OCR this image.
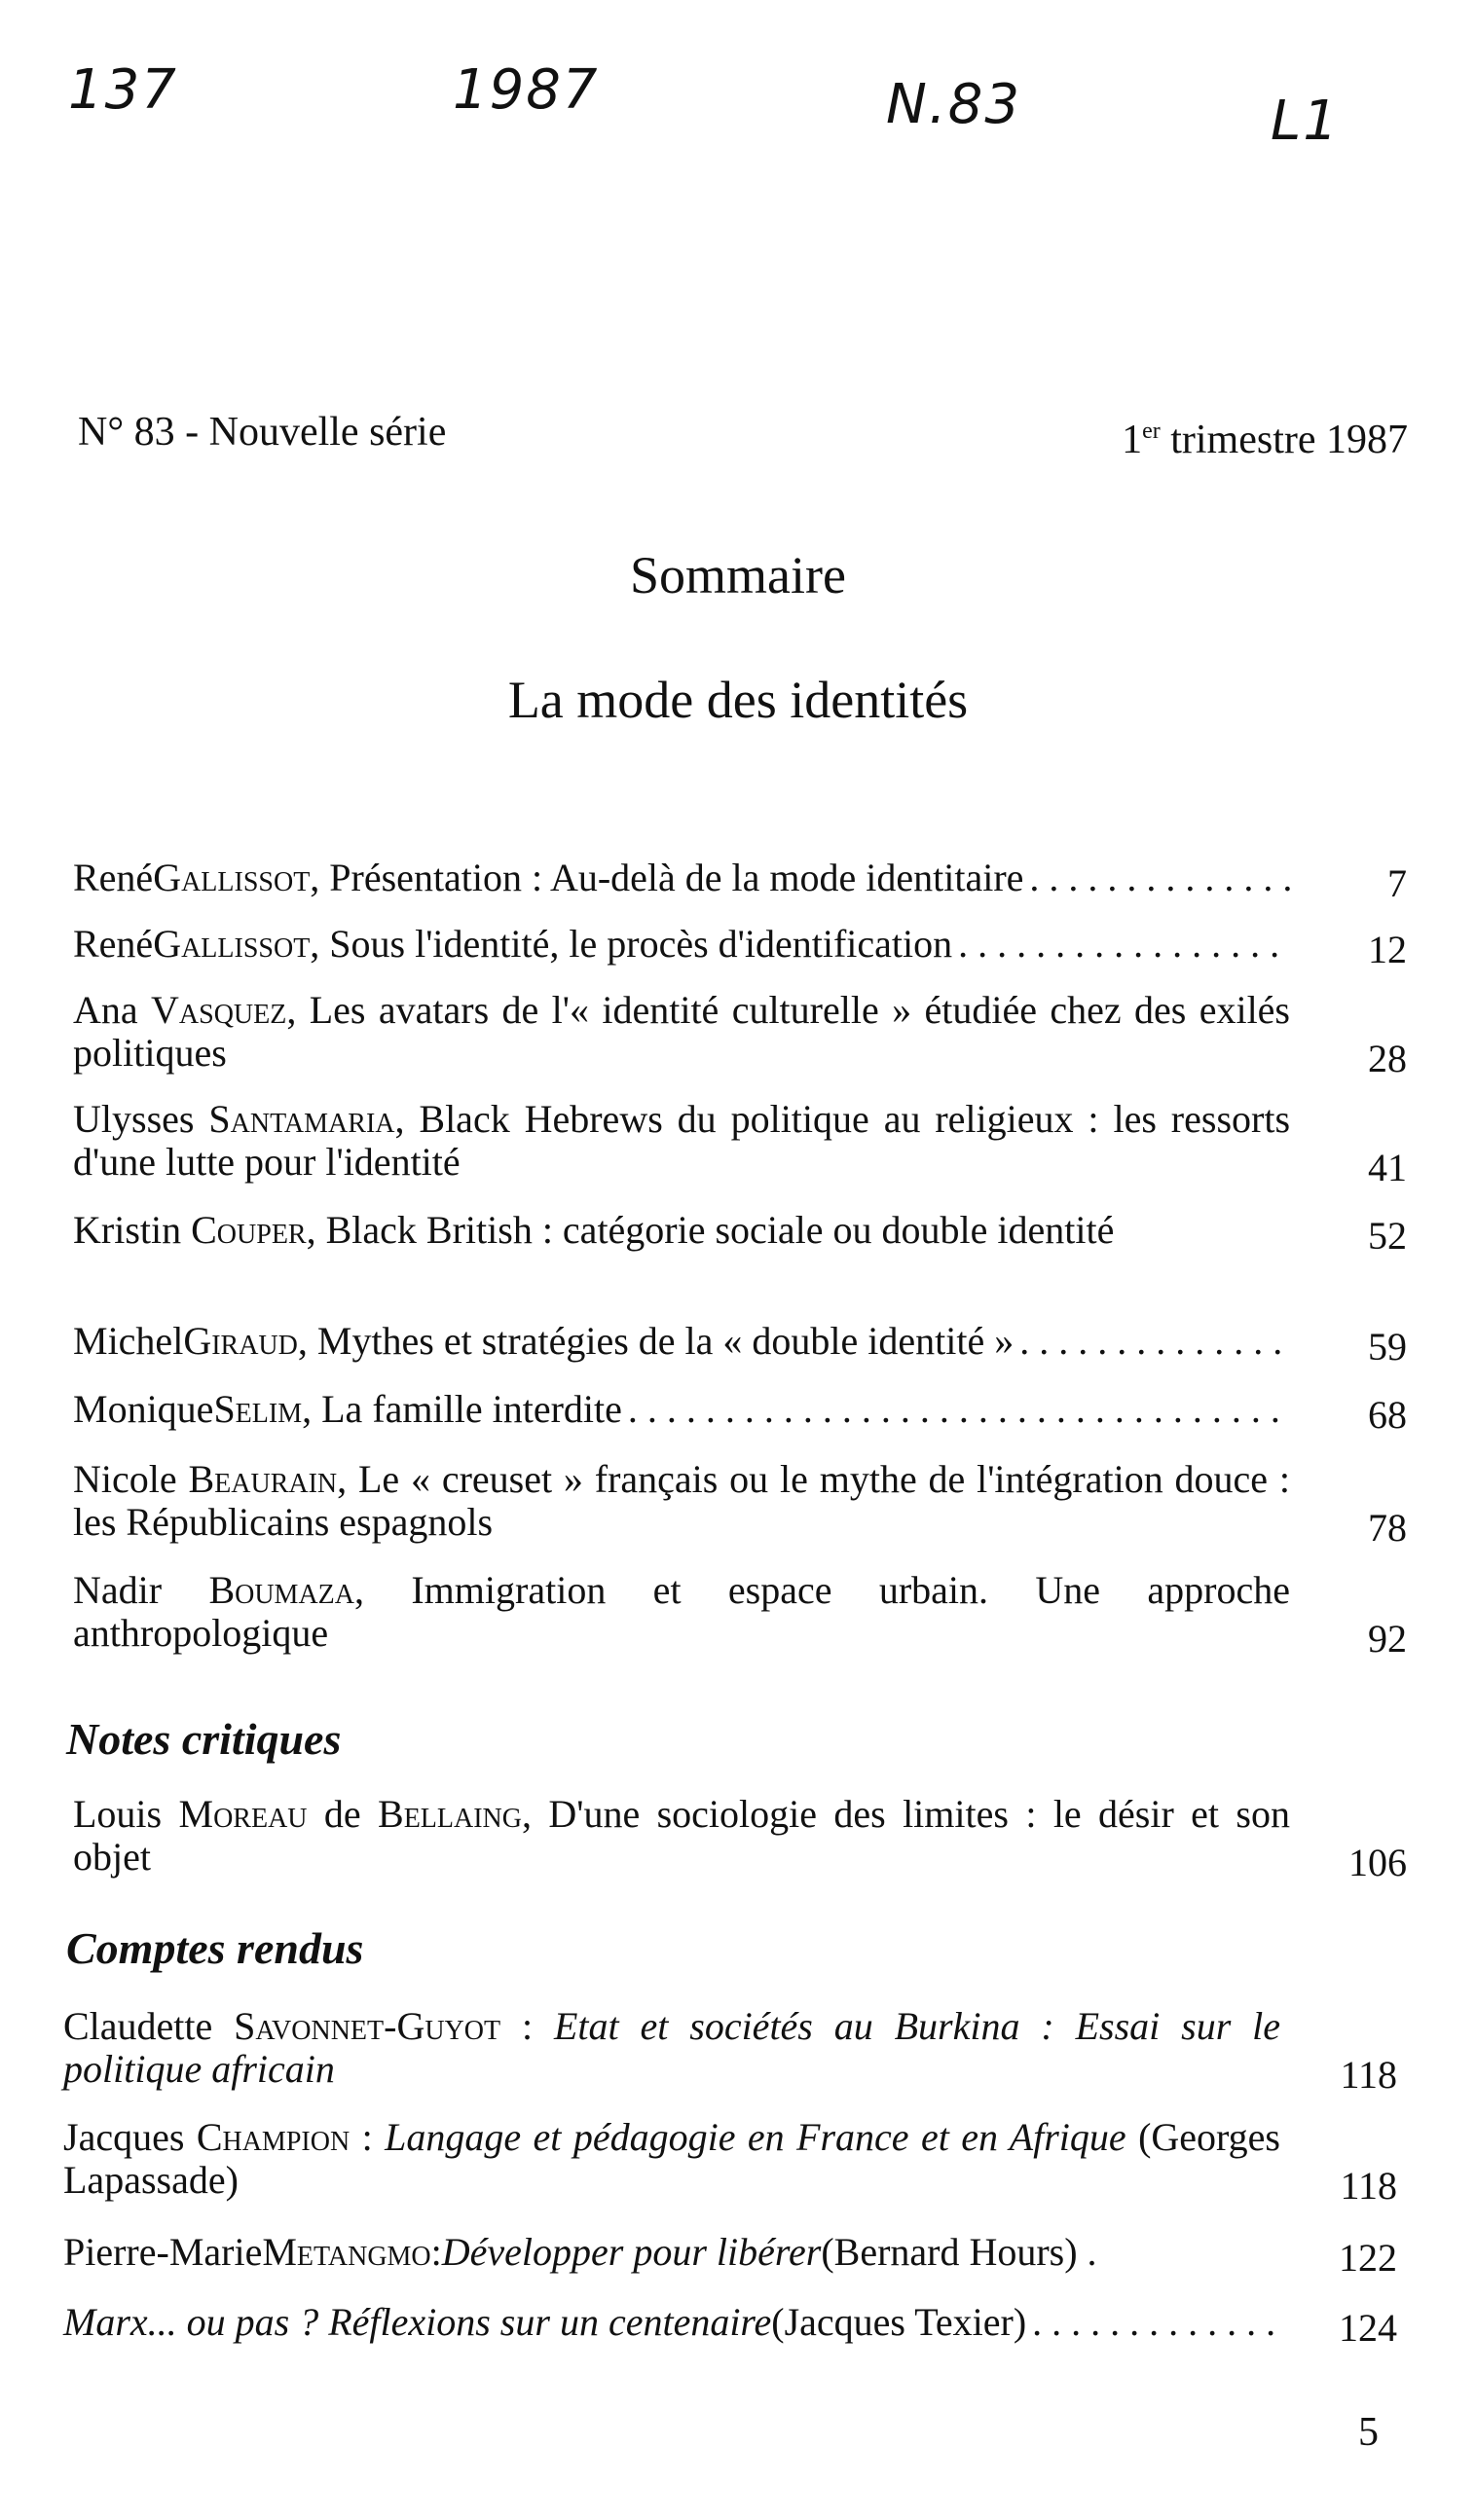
137	1987	N.83	L1
N° 83 - Nouvelle série	1er trimestre 1987
Sommaire
La mode des identités
René Gallissot , Présentation : Au-delà de la mode identitaire . . .	7
René Gallissot , Sous l'identité, le procès d'identification . . .	12
Ana Vasquez, Les avatars de l'« identité culturelle » étudiée chez des exilés politiques	28
Ulysses Santamaria, Black Hebrews du politique au religieux : les ressorts d'une lutte pour l'identité	41
Kristin Couper, Black British : catégorie sociale ou double identité	52
Michel Giraud , Mythes et stratégies de la « double identité » . . .	59
Monique Selim , La famille interdite . . .	68
Nicole Beaurain, Le « creuset » français ou le mythe de l'intégration douce : les Républicains espagnols	78
Nadir Boumaza, Immigration et espace urbain. Une approche anthropologique	92
Notes critiques
Louis Moreau de Bellaing, D'une sociologie des limites : le désir et son objet	106
Comptes rendus
Claudette Savonnet-Guyot : Etat et sociétés au Burkina : Essai sur le politique africain	118
Jacques Champion : Langage et pédagogie en France et en Afrique (Georges Lapassade)	118
Pierre-Marie Metangmo : Développer pour libérer (Bernard Hours) .	122
Marx... ou pas ? Réflexions sur un centenaire (Jacques Texier) . . .	124
5
